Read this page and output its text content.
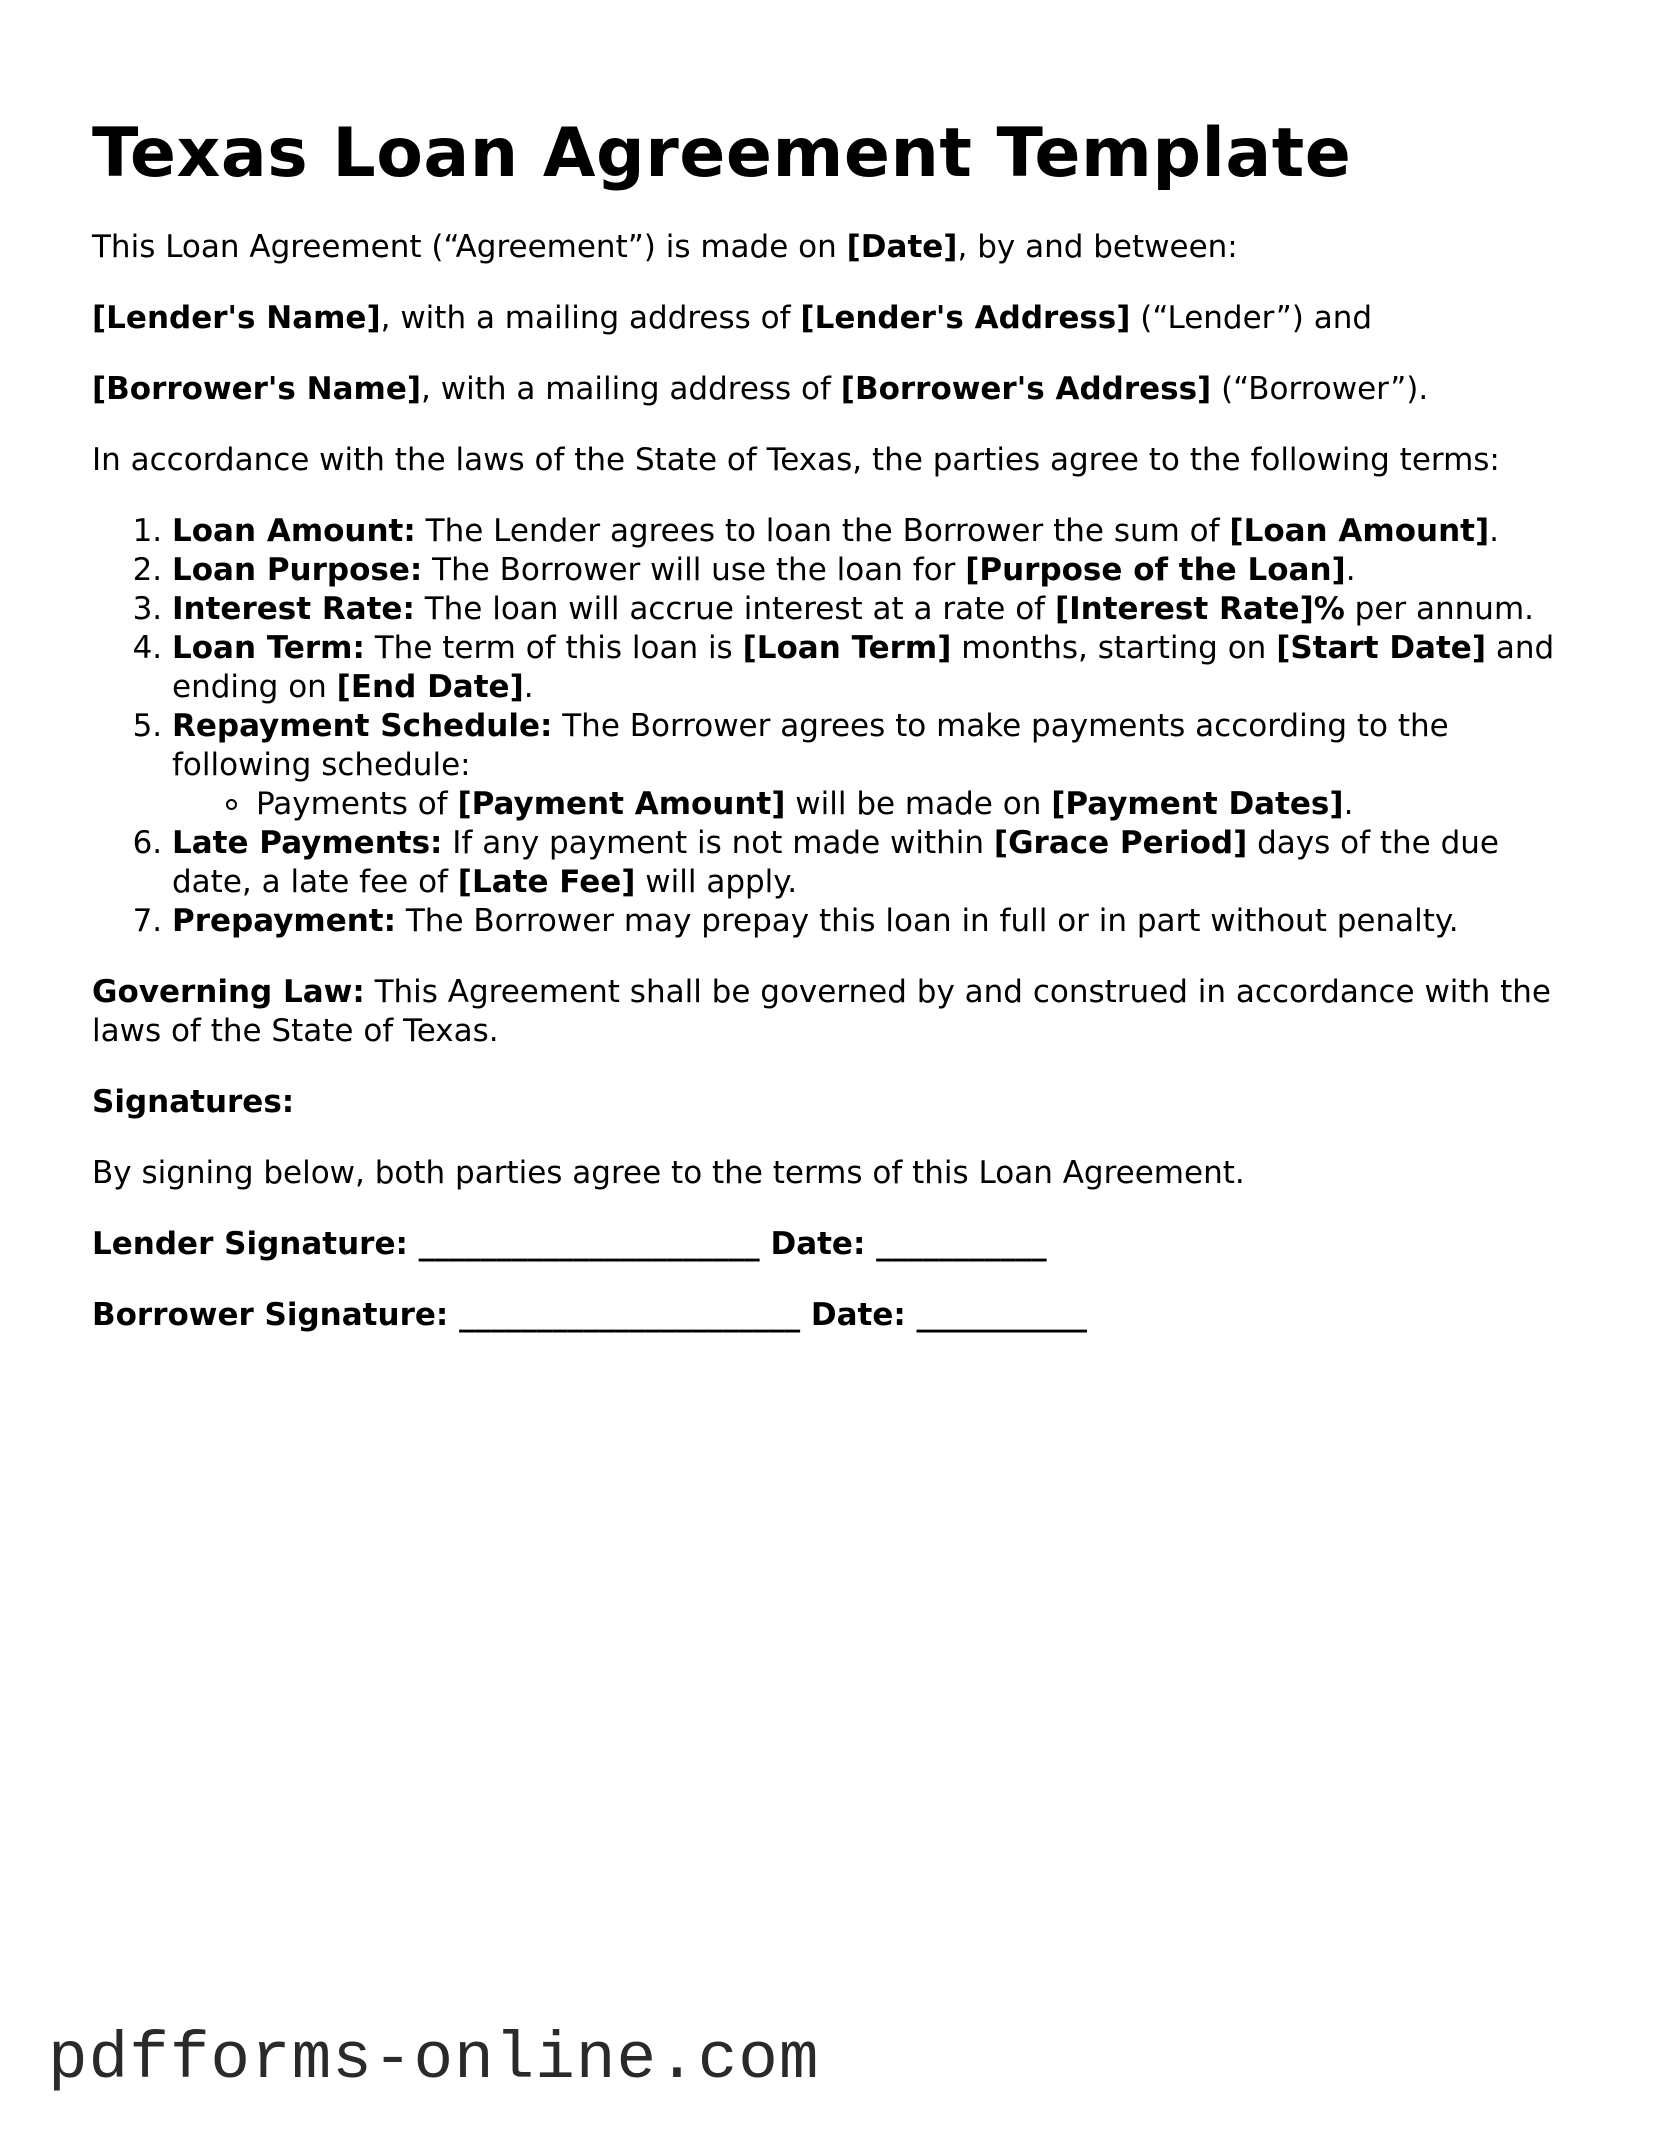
Texas Loan Agreement Template

This Loan Agreement (“Agreement”) is made on [Date], by and between:

[Lender's Name], with a mailing address of [Lender's Address] (“Lender”) and

[Borrower's Name], with a mailing address of [Borrower's Address] (“Borrower”).

In accordance with the laws of the State of Texas, the parties agree to the following terms:

1. Loan Amount: The Lender agrees to loan the Borrower the sum of [Loan Amount].
2. Loan Purpose: The Borrower will use the loan for [Purpose of the Loan].
3. Interest Rate: The loan will accrue interest at a rate of [Interest Rate]% per annum.
4. Loan Term: The term of this loan is [Loan Term] months, starting on [Start Date] and ending on [End Date].
5. Repayment Schedule: The Borrower agrees to make payments according to the following schedule:
Payments of [Payment Amount] will be made on [Payment Dates].
6. Late Payments: If any payment is not made within [Grace Period] days of the due date, a late fee of [Late Fee] will apply.
7. Prepayment: The Borrower may prepay this loan in full or in part without penalty.

Governing Law: This Agreement shall be governed by and construed in accordance with the laws of the State of Texas.

Signatures:

By signing below, both parties agree to the terms of this Loan Agreement.

Lender Signature: ______________________ Date: ___________

Borrower Signature: ______________________ Date: ___________

pdfforms-online.com
